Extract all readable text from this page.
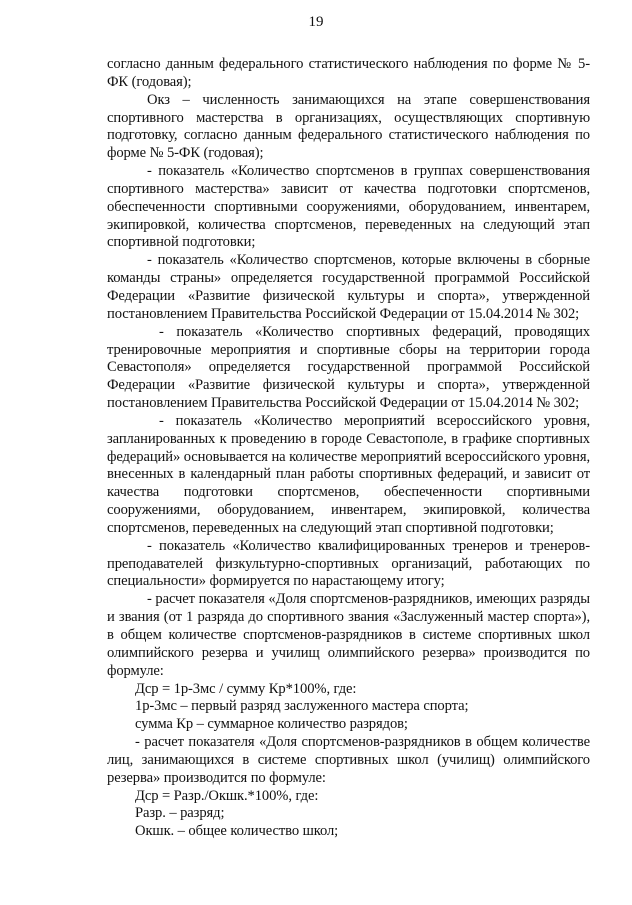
19

согласно данным федерального статистического наблюдения по форме № 5-ФК (годовая);

Окз – численность занимающихся на этапе совершенствования спортивного мастерства в организациях, осуществляющих спортивную подготовку, согласно данным федерального статистического наблюдения по форме № 5-ФК (годовая);

- показатель «Количество спортсменов в группах совершенствования спортивного мастерства» зависит от качества подготовки спортсменов, обеспеченности спортивными сооружениями, оборудованием, инвентарем, экипировкой, количества спортсменов, переведенных на следующий этап спортивной подготовки;

- показатель «Количество спортсменов, которые включены в сборные команды страны» определяется государственной программой Российской Федерации «Развитие физической культуры и спорта», утвержденной постановлением Правительства Российской Федерации от 15.04.2014 № 302;

- показатель «Количество спортивных федераций, проводящих тренировочные мероприятия и спортивные сборы на территории города Севастополя» определяется государственной программой Российской Федерации «Развитие физической культуры и спорта», утвержденной постановлением Правительства Российской Федерации от 15.04.2014 № 302;

- показатель «Количество мероприятий всероссийского уровня, запланированных к проведению в городе Севастополе, в графике спортивных федераций» основывается на количестве мероприятий всероссийского уровня, внесенных в календарный план работы спортивных федераций, и зависит от качества подготовки спортсменов, обеспеченности спортивными сооружениями, оборудованием, инвентарем, экипировкой, количества спортсменов, переведенных на следующий этап спортивной подготовки;

- показатель «Количество квалифицированных тренеров и тренеров-преподавателей физкультурно-спортивных организаций, работающих по специальности» формируется по нарастающему итогу;

- расчет показателя «Доля спортсменов-разрядников, имеющих разряды и звания (от 1 разряда до спортивного звания «Заслуженный мастер спорта»), в общем количестве спортсменов-разрядников в системе спортивных школ олимпийского резерва и училищ олимпийского резерва» производится по формуле:

Дср = 1р-3мс / сумму Кр*100%, где:

1р-3мс – первый разряд заслуженного мастера спорта;

сумма Кр – суммарное количество разрядов;

- расчет показателя «Доля спортсменов-разрядников в общем количестве лиц, занимающихся в системе спортивных школ (училищ) олимпийского резерва» производится по формуле:

Дср = Разр./Окшк.*100%, где:

Разр. – разряд;

Окшк. – общее количество школ;
